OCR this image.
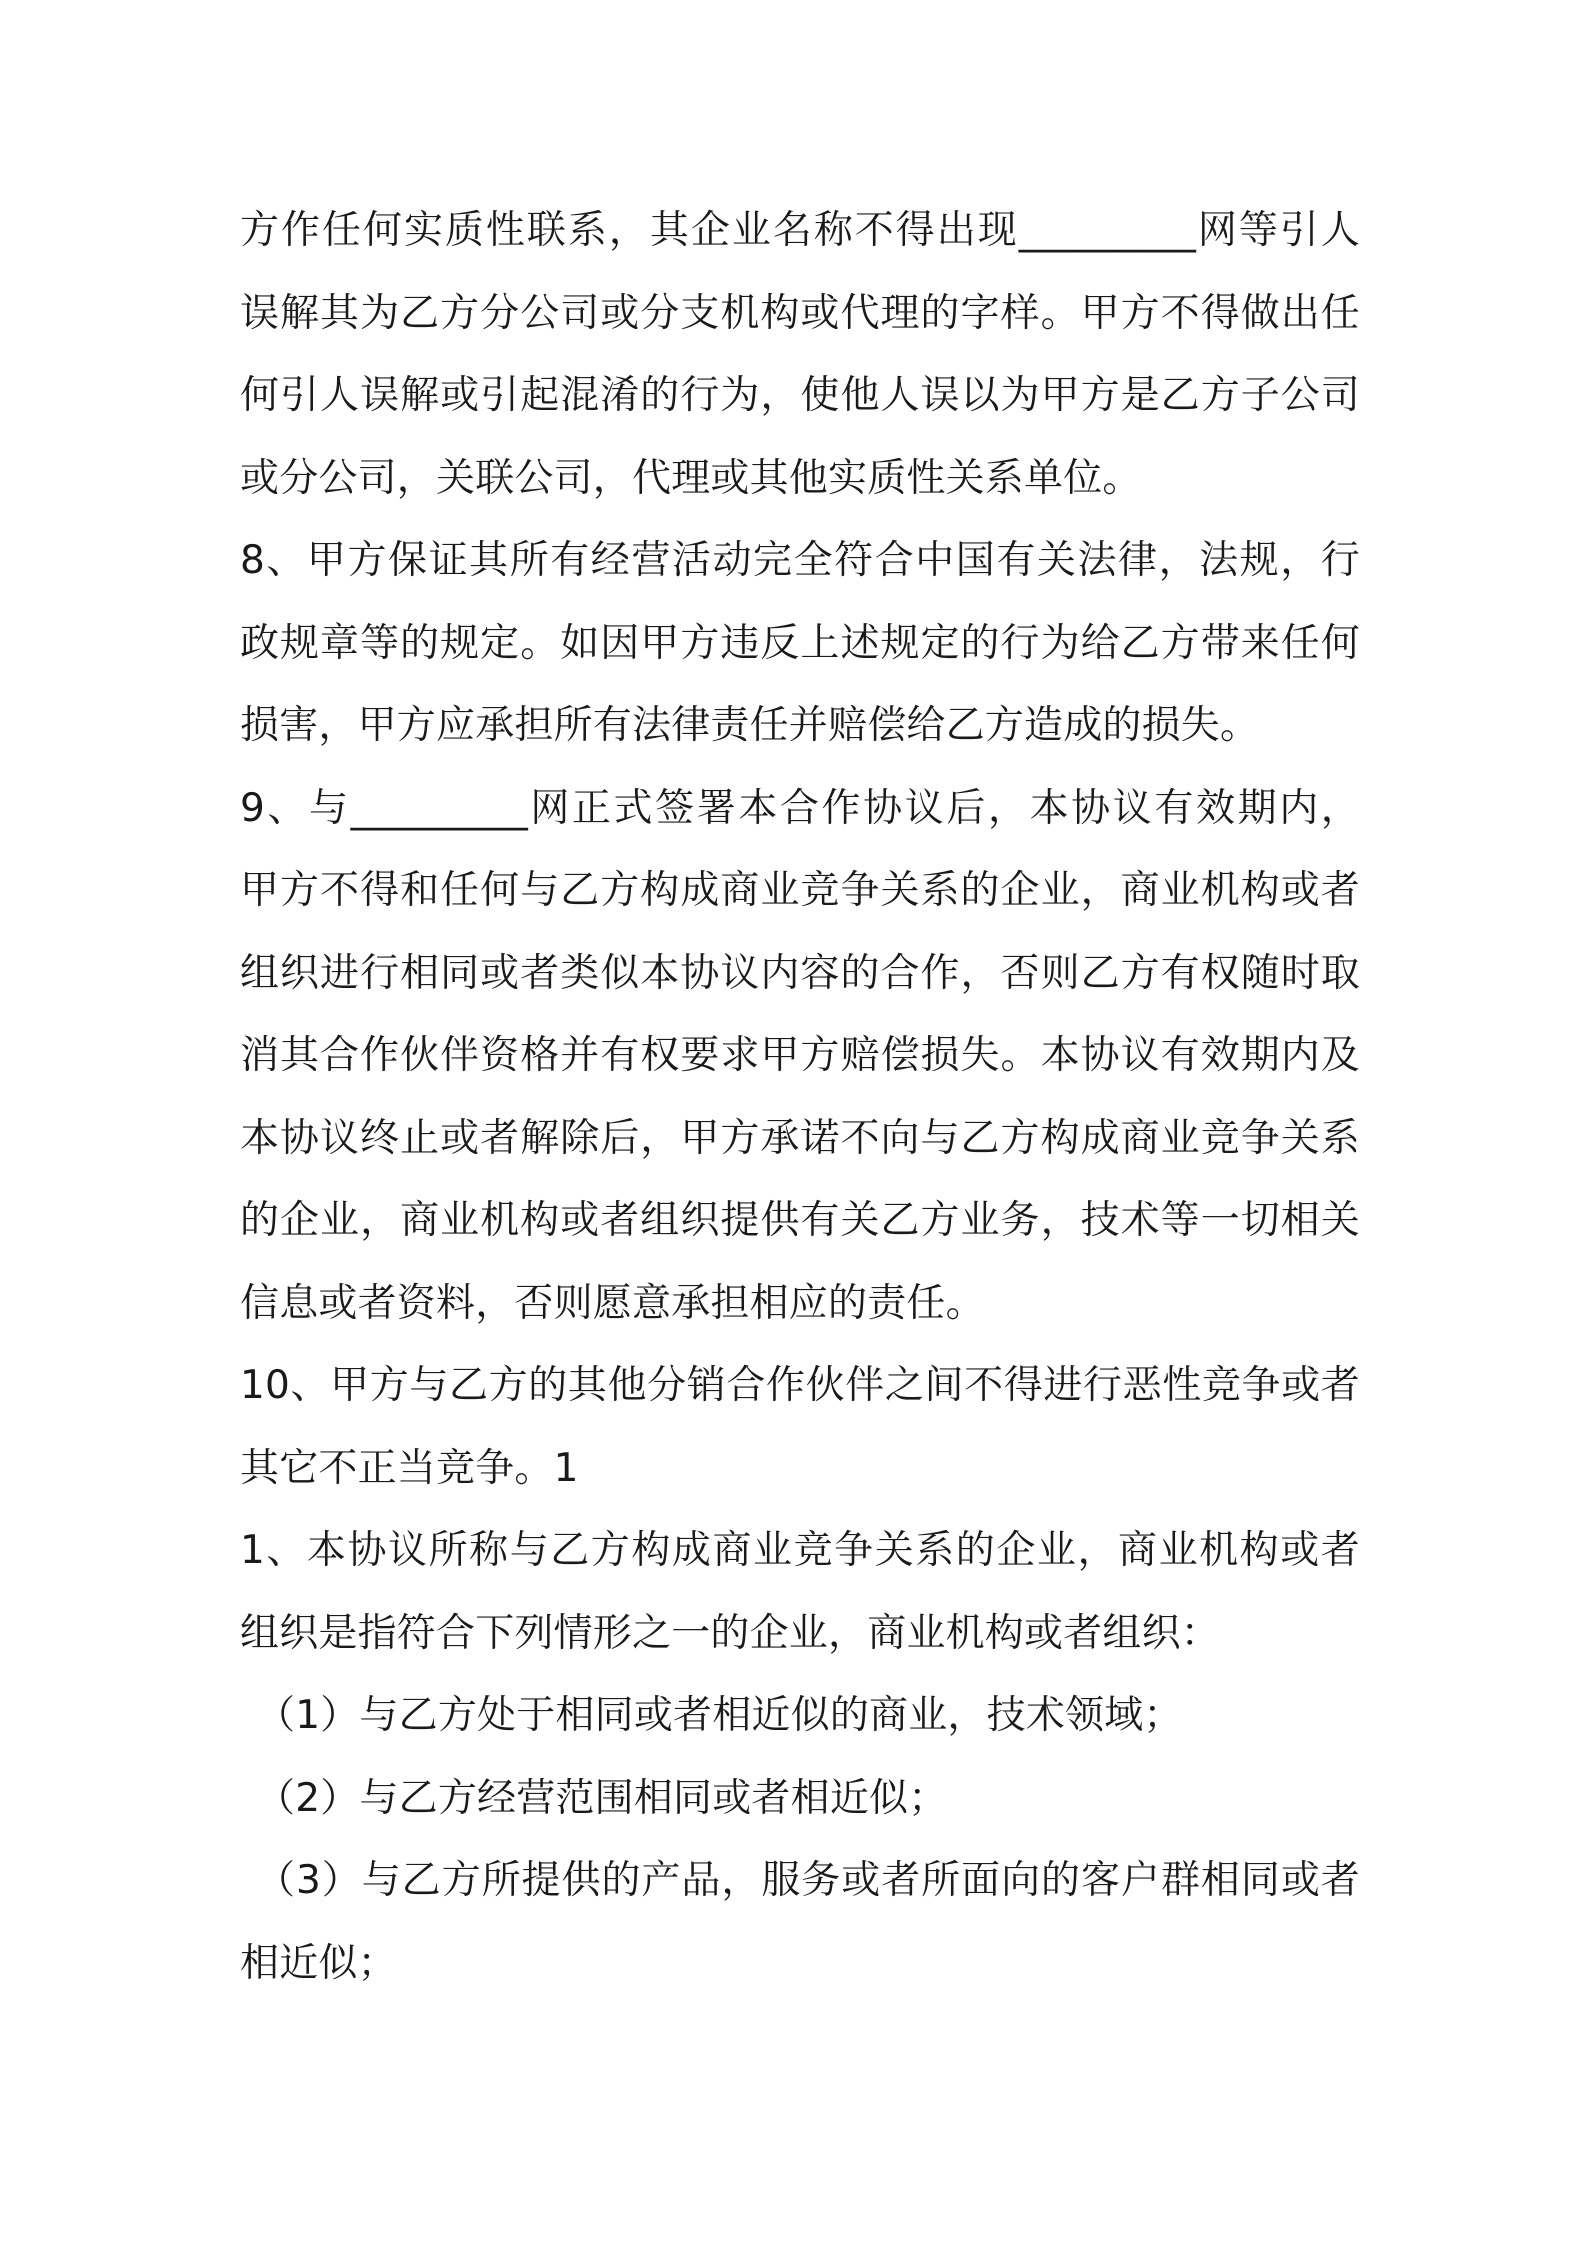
方作任何实质性联系，其企业名称不得出现_________网等引人
误解其为乙方分公司或分支机构或代理的字样。甲方不得做出任
何引人误解或引起混淆的行为，使他人误以为甲方是乙方子公司
或分公司，关联公司，代理或其他实质性关系单位。
8、甲方保证其所有经营活动完全符合中国有关法律，法规，行
政规章等的规定。如因甲方违反上述规定的行为给乙方带来任何
损害，甲方应承担所有法律责任并赔偿给乙方造成的损失。
9、与_________网正式签署本合作协议后，本协议有效期内，
甲方不得和任何与乙方构成商业竞争关系的企业，商业机构或者
组织进行相同或者类似本协议内容的合作，否则乙方有权随时取
消其合作伙伴资格并有权要求甲方赔偿损失。本协议有效期内及
本协议终止或者解除后，甲方承诺不向与乙方构成商业竞争关系
的企业，商业机构或者组织提供有关乙方业务，技术等一切相关
信息或者资料，否则愿意承担相应的责任。
10、甲方与乙方的其他分销合作伙伴之间不得进行恶性竞争或者
其它不正当竞争。1
1、本协议所称与乙方构成商业竞争关系的企业，商业机构或者
组织是指符合下列情形之一的企业，商业机构或者组织：
（1）与乙方处于相同或者相近似的商业，技术领域；
（2）与乙方经营范围相同或者相近似；
（3）与乙方所提供的产品，服务或者所面向的客户群相同或者
相近似；
